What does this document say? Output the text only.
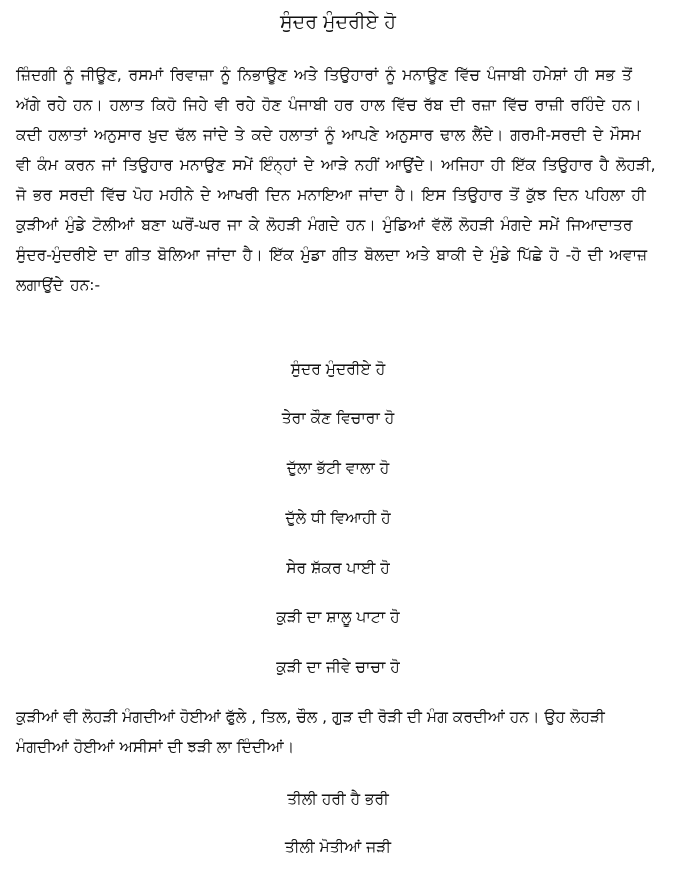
ਸੁੰਦਰ ਮੁੰਦਰੀਏ ਹੋ

ਜ਼ਿੰਦਗੀ ਨੂੰ ਜੀਊਣ, ਰਸਮਾਂ ਰਿਵਾਜ਼ਾ ਨੂੰ ਨਿਭਾਊਣ ਅਤੇ ਤਿਉਹਾਰਾਂ ਨੂੰ ਮਨਾਊਣ ਵਿੱਚ ਪੰਜਾਬੀ ਹਮੇਸ਼ਾਂ ਹੀ ਸਭ ਤੋਂ ਅੱਗੇ ਰਹੇ ਹਨ। ਹਲਾਤ ਕਿਹੋ ਜਿਹੇ ਵੀ ਰਹੇ ਹੋਣ ਪੰਜਾਬੀ ਹਰ ਹਾਲ ਵਿੱਚ ਰੱਬ ਦੀ ਰਜ਼ਾ ਵਿੱਚ ਰਾਜ਼ੀ ਰਹਿੰਦੇ ਹਨ। ਕਦੀ ਹਲਾਤਾਂ ਅਨੁਸਾਰ ਖ਼ੁਦ ਢੱਲ ਜਾਂਦੇ ਤੇ ਕਦੇ ਹਲਾਤਾਂ ਨੂੰ ਆਪਣੇ ਅਨੁਸਾਰ ਢਾਲ ਲੈਂਦੇ। ਗਰਮੀ-ਸਰਦੀ ਦੇ ਮੌਸਮ ਵੀ ਕੰਮ ਕਰਨ ਜਾਂ ਤਿਉਹਾਰ ਮਨਾਉਣ ਸਮੇਂ ਇੰਨ੍ਹਾਂ ਦੇ ਆੜੇ ਨਹੀਂ ਆਉਂਦੇ। ਅਜਿਹਾ ਹੀ ਇੱਕ ਤਿਉਹਾਰ ਹੈ ਲੋਹੜੀ, ਜੋ ਭਰ ਸਰਦੀ ਵਿੱਚ ਪੋਹ ਮਹੀਨੇ ਦੇ ਆਖਰੀ ਦਿਨ ਮਨਾਇਆ ਜਾਂਦਾ ਹੈ। ਇਸ ਤਿਉਹਾਰ ਤੋਂ ਕੁੱਝ ਦਿਨ ਪਹਿਲਾ ਹੀ ਕੁੜੀਆਂ ਮੁੰਡੇ ਟੋਲੀਆਂ ਬਣਾ ਘਰੋਂ-ਘਰ ਜਾ ਕੇ ਲੋਹੜੀ ਮੰਗਦੇ ਹਨ। ਮੁੰਡਿਆਂ ਵੱਲੋਂ ਲੋਹੜੀ ਮੰਗਦੇ ਸਮੇਂ ਜਿਆਦਾਤਰ ਸੁੰਦਰ-ਮੁੰਦਰੀਏ ਦਾ ਗੀਤ ਬੋਲਿਆ ਜਾਂਦਾ ਹੈ। ਇੱਕ ਮੁੰਡਾ ਗੀਤ ਬੋਲਦਾ ਅਤੇ ਬਾਕੀ ਦੇ ਮੁੰਡੇ ਪਿੱਛੇ ਹੋ -ਹੋ ਦੀ ਅਵਾਜ਼ ਲਗਾਉਂਦੇ ਹਨ:-

ਸੁੰਦਰ ਮੁੰਦਰੀਏ ਹੋ
ਤੇਰਾ ਕੌਣ ਵਿਚਾਰਾ ਹੋ
ਦੁੱਲਾ ਭੱਟੀ ਵਾਲਾ ਹੋ
ਦੁੱਲੇ ਧੀ ਵਿਆਹੀ ਹੋ
ਸੇਰ ਸ਼ੱਕਰ ਪਾਈ ਹੋ
ਕੁੜੀ ਦਾ ਸ਼ਾਲੂ ਪਾਟਾ ਹੋ
ਕੁੜੀ ਦਾ ਜੀਵੇ ਚਾਚਾ ਹੋ

ਕੁੜੀਆਂ ਵੀ ਲੋਹੜੀ ਮੰਗਦੀਆਂ ਹੋਈਆਂ ਫੁੱਲੇ , ਤਿਲ, ਚੌਲ , ਗੁੜ ਦੀ ਰੋੜੀ ਦੀ ਮੰਗ ਕਰਦੀਆਂ ਹਨ। ਉਹ ਲੋਹੜੀ ਮੰਗਦੀਆਂ ਹੋਈਆਂ ਅਸੀਸਾਂ ਦੀ ਝੜੀ ਲਾ ਦਿੰਦੀਆਂ।

ਤੀਲੀ ਹਰੀ ਹੈ ਭਰੀ
ਤੀਲੀ ਮੋਤੀਆਂ ਜੜੀ
